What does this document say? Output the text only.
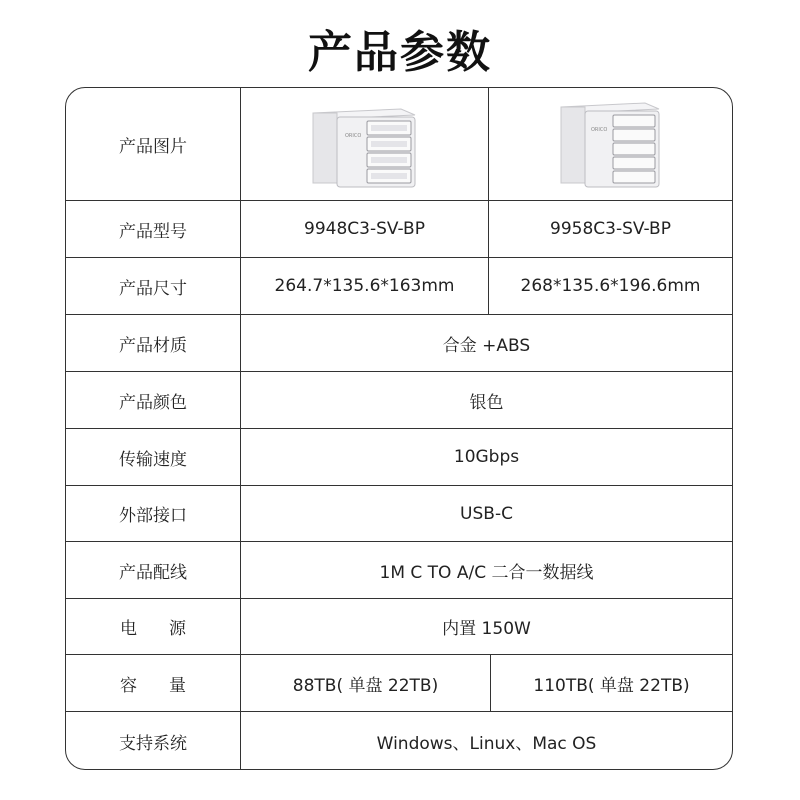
产品参数
产品图片
ORICO
ORICO
产品型号	9948C3-SV-BP	9958C3-SV-BP
产品尺寸	264.7*135.6*163mm	268*135.6*196.6mm
产品材质	合金 +ABS
产品颜色	银色
传输速度	10Gbps
外部接口	USB-C
产品配线	1M C TO A/C 二合一数据线
电 源	内置 150W
容 量	88TB( 单盘 22TB)	110TB( 单盘 22TB)
支持系统	Windows、Linux、Mac OS
